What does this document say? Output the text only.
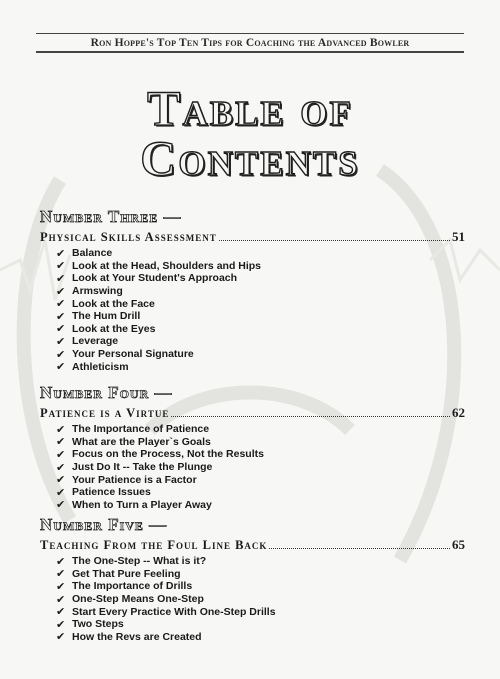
Ron Hoppe's Top Ten Tips for Coaching the Advanced Bowler
Table of
Contents
Number Three —
Physical Skills Assessment	51
✔ Balance
✔ Look at the Head, Shoulders and Hips
✔ Look at Your Student's Approach
✔ Armswing
✔ Look at the Face
✔ The Hum Drill
✔ Look at the Eyes
✔ Leverage
✔ Your Personal Signature
✔ Athleticism
Number Four —
Patience is a Virtue	62
✔ The Importance of Patience
✔ What are the Player`s Goals
✔ Focus on the Process, Not the Results
✔ Just Do It -- Take the Plunge
✔ Your Patience is a Factor
✔ Patience Issues
✔ When to Turn a Player Away
Number Five —
Teaching From the Foul Line Back	65
✔ The One-Step -- What is it?
✔ Get That Pure Feeling
✔ The Importance of Drills
✔ One-Step Means One-Step
✔ Start Every Practice With One-Step Drills
✔ Two Steps
✔ How the Revs are Created
